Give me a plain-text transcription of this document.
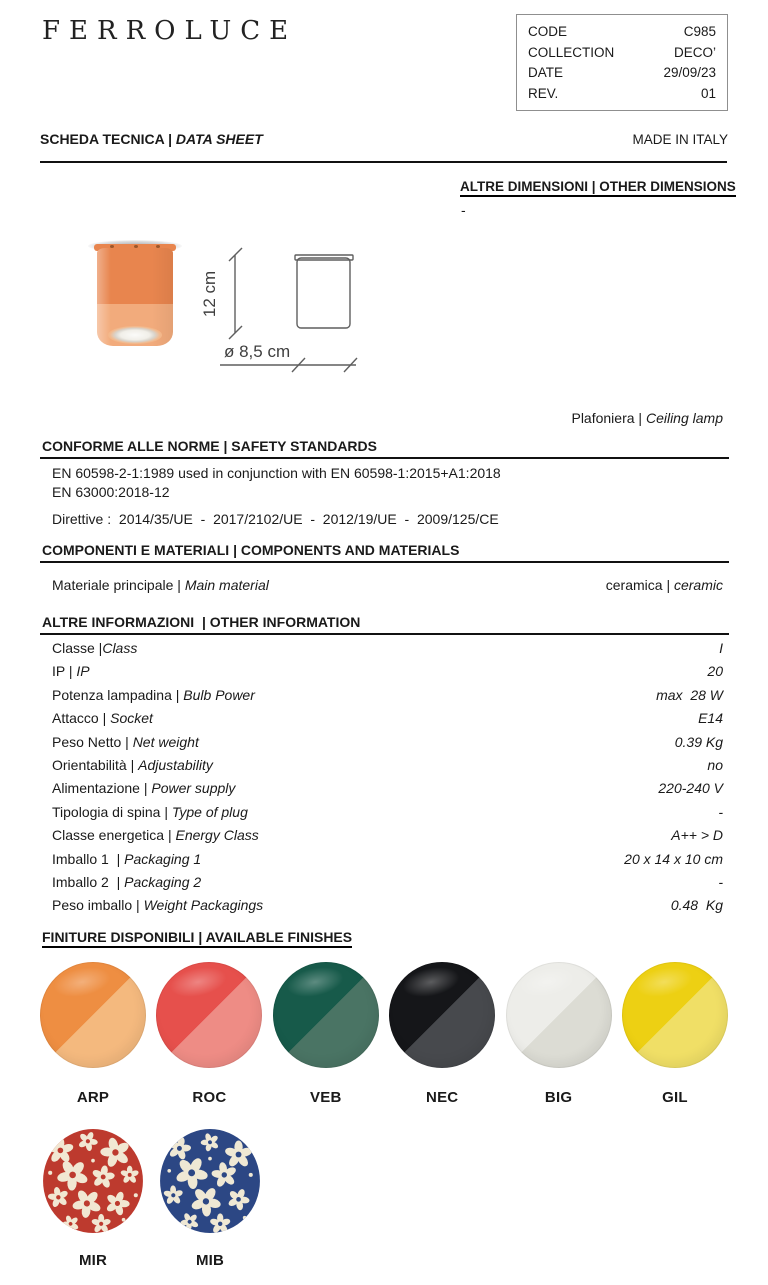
FERROLUCE	CODE	C985
COLLECTION	DECO’
DATE	29/09/23
REV.	01
SCHEDA TECNICA | DATA SHEET	MADE IN ITALY
ALTRE DIMENSIONI | OTHER DIMENSIONS
-
12 cm
ø 8,5 cm
Plafoniera | Ceiling lamp
CONFORME ALLE NORME | SAFETY STANDARDS
EN 60598-2-1:1989 used in conjunction with EN 60598-1:2015+A1:2018
EN 63000:2018-12
Direttive :  2014/35/UE  -  2017/2102/UE  -  2012/19/UE  -  2009/125/CE
COMPONENTI E MATERIALI | COMPONENTS AND MATERIALS
Materiale principale | Main material	ceramica | ceramic
ALTRE INFORMAZIONI  | OTHER INFORMATION
Classe |Class	I
IP | IP	20
Potenza lampadina | Bulb Power	max  28 W
Attacco | Socket	E14
Peso Netto | Net weight	0.39 Kg
Orientabilità | Adjustability	no
Alimentazione | Power supply	220-240 V
Tipologia di spina | Type of plug	-
Classe energetica | Energy Class	A++ > D
Imballo 1  | Packaging 1	20 x 14 x 10 cm
Imballo 2  | Packaging 2	-
Peso imballo | Weight Packagings	0.48  Kg
FINITURE DISPONIBILI | AVAILABLE FINISHES
ARP	ROC	VEB	NEC	BIG	GIL
MIR	MIB
